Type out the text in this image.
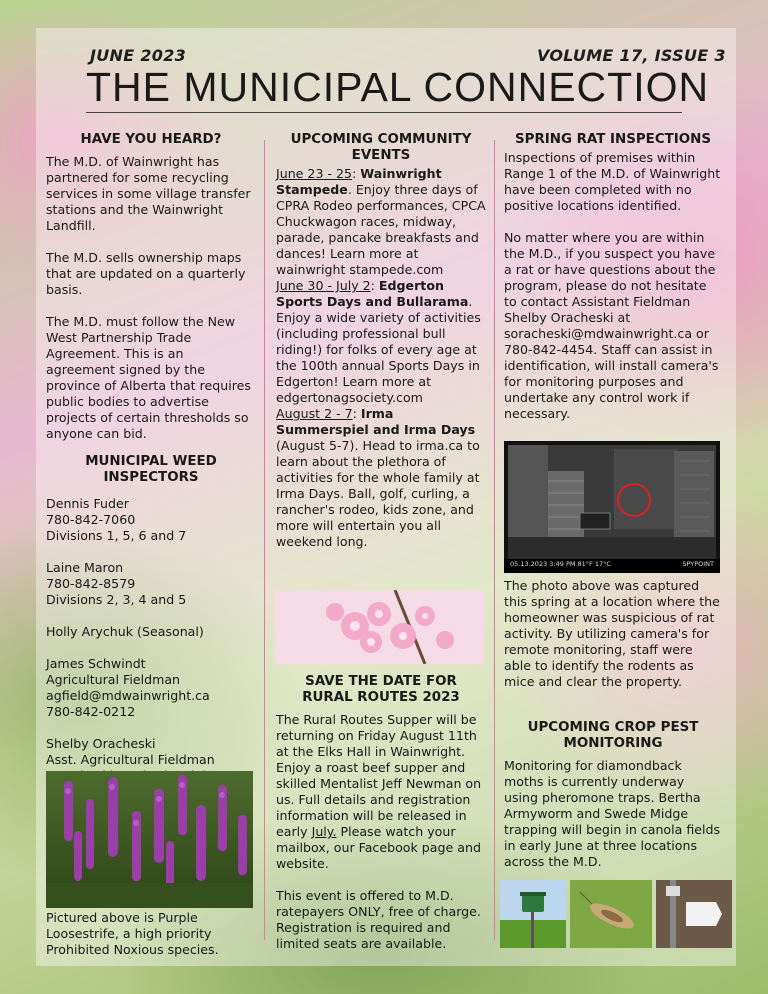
JUNE 2023	VOLUME 17, ISSUE 3
THE MUNICIPAL CONNECTION
HAVE YOU HEARD?

The M.D. of Wainwright has partnered for some recycling services in some village transfer stations and the Wainwright Landfill.

The M.D. sells ownership maps that are updated on a quarterly basis.

The M.D. must follow the New West Partnership Trade Agreement. This is an agreement signed by the province of Alberta that requires public bodies to advertise projects of certain thresholds so anyone can bid.

MUNICIPAL WEED INSPECTORS

Dennis Fuder
780-842-7060
Divisions 1, 5, 6 and 7

Laine Maron
780-842-8579
Divisions 2, 3, 4 and 5

Holly Arychuk (Seasonal)

James Schwindt
Agricultural Fieldman
agfield@mdwainwright.ca
780-842-0212

Shelby Oracheski
Asst. Agricultural Fieldman

Pictured above is Purple Loosestrife, a high priority Prohibited Noxious species.
UPCOMING COMMUNITY EVENTS
June 23 - 25: Wainwright Stampede. Enjoy three days of CPRA Rodeo performances, CPCA Chuckwagon races, midway, parade, pancake breakfasts and dances! Learn more at wainwright stampede.com
June 30 - July 2: Edgerton Sports Days and Bullarama. Enjoy a wide variety of activities (including professional bull riding!) for folks of every age at the 100th annual Sports Days in Edgerton! Learn more at edgertonagsociety.com
August 2 - 7: Irma Summerspiel and Irma Days (August 5-7). Head to irma.ca to learn about the plethora of activities for the whole family at Irma Days. Ball, golf, curling, a rancher's rodeo, kids zone, and more will entertain you all weekend long.
SAVE THE DATE FOR RURAL ROUTES 2023

The Rural Routes Supper will be returning on Friday August 11th at the Elks Hall in Wainwright. Enjoy a roast beef supper and skilled Mentalist Jeff Newman on us. Full details and registration information will be released in early July. Please watch your mailbox, our Facebook page and website.

This event is offered to M.D. ratepayers ONLY, free of charge. Registration is required and limited seats are available.

SPRING RAT INSPECTIONS

Inspections of premises within Range 1 of the M.D. of Wainwright have been completed with no positive locations identified.

No matter where you are within the M.D., if you suspect you have a rat or have questions about the program, please do not hesitate to contact Assistant Fieldman Shelby Oracheski at soracheski@mdwainwright.ca or 780-842-4454. Staff can assist in identification, will install camera's for monitoring purposes and undertake any control work if necessary.

05.13.2023 3:49 PM 81°F 17°C	SPYPOINT
The photo above was captured this spring at a location where the homeowner was suspicious of rat activity. By utilizing camera's for remote monitoring, staff were able to identify the rodents as mice and clear the property.
UPCOMING CROP PEST MONITORING

Monitoring for diamondback moths is currently underway using pheromone traps. Bertha Armyworm and Swede Midge trapping will begin in canola fields in early June at three locations across the M.D.
